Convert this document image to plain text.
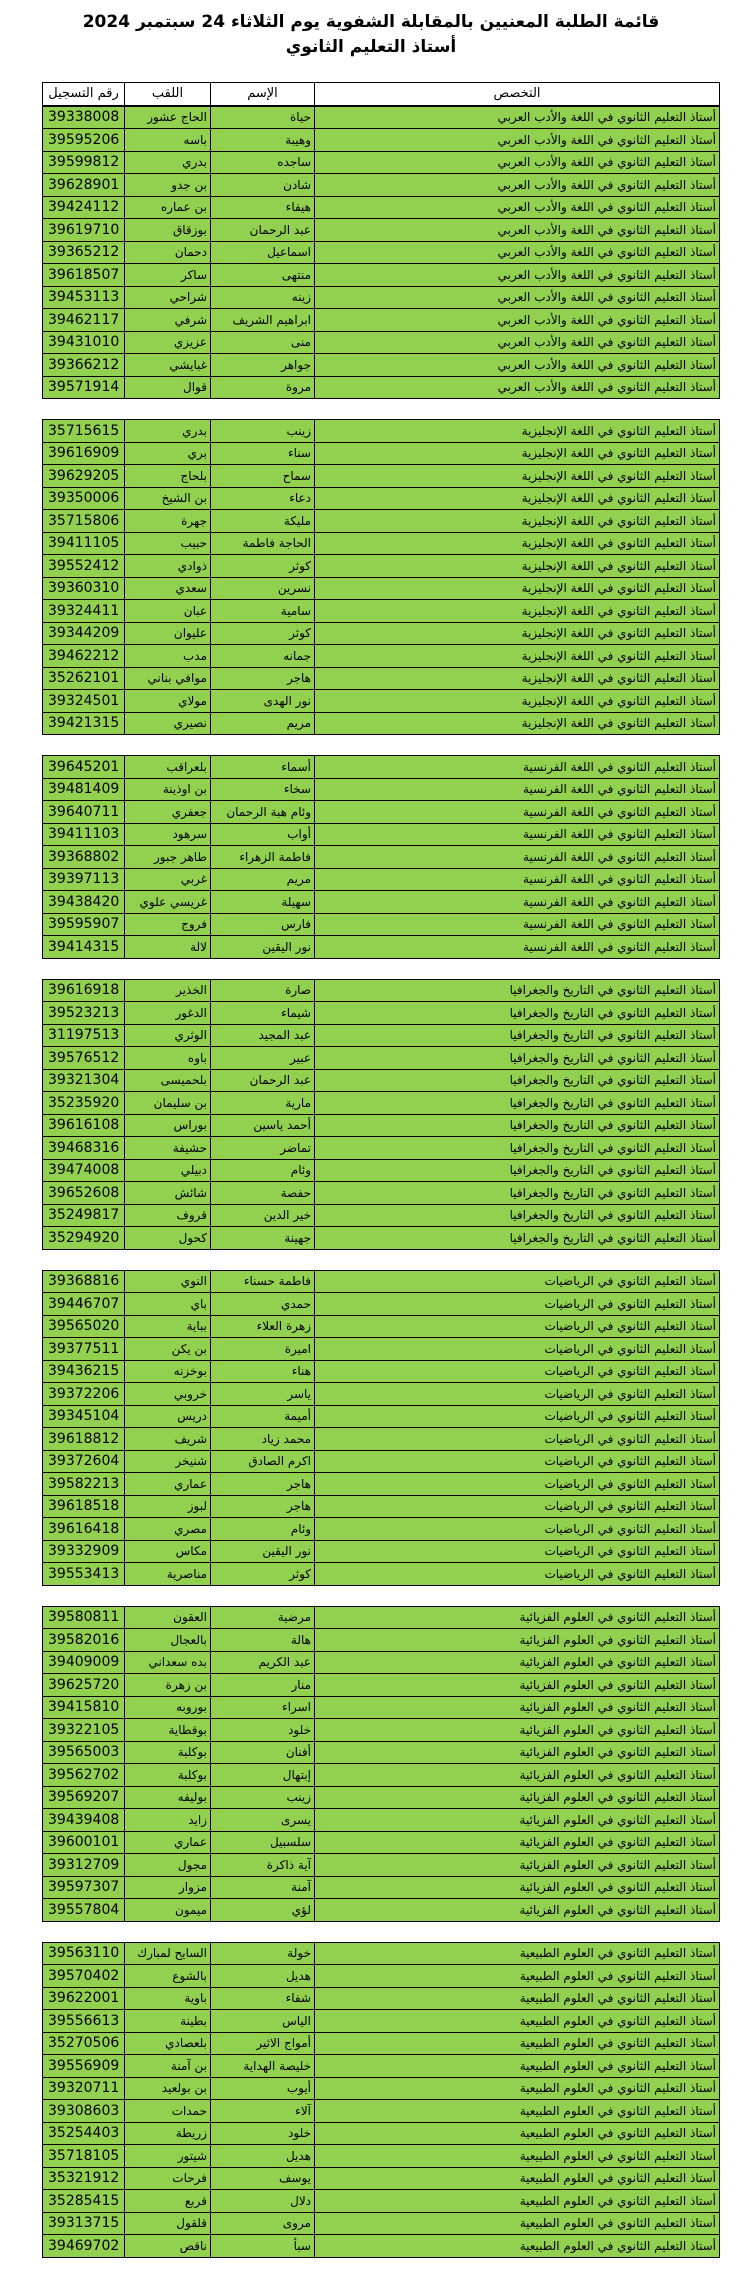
قائمة الطلبة المعنيين بالمقابلة الشفوية يوم الثلاثاء 24 سبتمبر 2024
أستاذ التعليم الثانوي
التخصص	الإسم	اللقب	رقم التسجيل
أستاذ التعليم الثانوي في اللغة والأدب العربي	حياة	الحاج عشور	39338008
أستاذ التعليم الثانوي في اللغة والأدب العربي	وهيبة	باسه	39595206
أستاذ التعليم الثانوي في اللغة والأدب العربي	ساجده	بدري	39599812
أستاذ التعليم الثانوي في اللغة والأدب العربي	شادن	بن جدو	39628901
أستاذ التعليم الثانوي في اللغة والأدب العربي	هيفاء	بن عماره	39424112
أستاذ التعليم الثانوي في اللغة والأدب العربي	عبد الرحمان	بوزقاق	39619710
أستاذ التعليم الثانوي في اللغة والأدب العربي	اسماعيل	دحمان	39365212
أستاذ التعليم الثانوي في اللغة والأدب العربي	منتهى	ساكر	39618507
أستاذ التعليم الثانوي في اللغة والأدب العربي	زينه	شراحي	39453113
أستاذ التعليم الثانوي في اللغة والأدب العربي	ابراهيم الشريف	شرفي	39462117
أستاذ التعليم الثانوي في اللغة والأدب العربي	منى	عزيزي	39431010
أستاذ التعليم الثانوي في اللغة والأدب العربي	جواهر	غبايشي	39366212
أستاذ التعليم الثانوي في اللغة والأدب العربي	مروة	قوال	39571914
أستاذ التعليم الثانوي في اللغة الإنجليزية	زينب	بدري	35715615
أستاذ التعليم الثانوي في اللغة الإنجليزية	سناء	بري	39616909
أستاذ التعليم الثانوي في اللغة الإنجليزية	سماح	بلحاج	39629205
أستاذ التعليم الثانوي في اللغة الإنجليزية	دعاء	بن الشيخ	39350006
أستاذ التعليم الثانوي في اللغة الإنجليزية	مليكة	جهرة	35715806
أستاذ التعليم الثانوي في اللغة الإنجليزية	الحاجة فاطمة	حبيب	39411105
أستاذ التعليم الثانوي في اللغة الإنجليزية	كوثر	ذوادي	39552412
أستاذ التعليم الثانوي في اللغة الإنجليزية	نسرين	سعدي	39360310
أستاذ التعليم الثانوي في اللغة الإنجليزية	سامية	عبان	39324411
أستاذ التعليم الثانوي في اللغة الإنجليزية	كوثر	عليوان	39344209
أستاذ التعليم الثانوي في اللغة الإنجليزية	جمانه	مدب	39462212
أستاذ التعليم الثانوي في اللغة الإنجليزية	هاجر	موافي بناني	35262101
أستاذ التعليم الثانوي في اللغة الإنجليزية	نور الهدى	مولاي	39324501
أستاذ التعليم الثانوي في اللغة الإنجليزية	مريم	نصيري	39421315
أستاذ التعليم الثانوي في اللغة الفرنسية	أسماء	بلعراقب	39645201
أستاذ التعليم الثانوي في اللغة الفرنسية	سخاء	بن اوذينة	39481409
أستاذ التعليم الثانوي في اللغة الفرنسية	وئام هبة الرحمان	جعفري	39640711
أستاذ التعليم الثانوي في اللغة الفرنسية	أواب	سرهود	39411103
أستاذ التعليم الثانوي في اللغة الفرنسية	فاطمة الزهراء	طاهر جبور	39368802
أستاذ التعليم الثانوي في اللغة الفرنسية	مريم	غربي	39397113
أستاذ التعليم الثانوي في اللغة الفرنسية	سهيلة	غريسي علوي	39438420
أستاذ التعليم الثانوي في اللغة الفرنسية	فارس	فروج	39595907
أستاذ التعليم الثانوي في اللغة الفرنسية	نور اليقين	لالة	39414315
أستاذ التعليم الثانوي في التاريخ والجغرافيا	صارة	الخذير	39616918
أستاذ التعليم الثانوي في التاريخ والجغرافيا	شيماء	الدغور	39523213
أستاذ التعليم الثانوي في التاريخ والجغرافيا	عبد المجيد	الوثري	31197513
أستاذ التعليم الثانوي في التاريخ والجغرافيا	عبير	باوه	39576512
أستاذ التعليم الثانوي في التاريخ والجغرافيا	عبد الرحمان	بلحميسى	39321304
أستاذ التعليم الثانوي في التاريخ والجغرافيا	مارية	بن سليمان	35235920
أستاذ التعليم الثانوي في التاريخ والجغرافيا	أحمد ياسين	بوراس	39616108
أستاذ التعليم الثانوي في التاريخ والجغرافيا	تماضر	حشيفة	39468316
أستاذ التعليم الثانوي في التاريخ والجغرافيا	وئام	دبيلي	39474008
أستاذ التعليم الثانوي في التاريخ والجغرافيا	حفصة	شائش	39652608
أستاذ التعليم الثانوي في التاريخ والجغرافيا	خير الدين	قروف	35249817
أستاذ التعليم الثانوي في التاريخ والجغرافيا	جهينة	كحول	35294920
أستاذ التعليم الثانوي في الرياضيات	فاطمة حسناء	النوي	39368816
أستاذ التعليم الثانوي في الرياضيات	حمدي	باي	39446707
أستاذ التعليم الثانوي في الرياضيات	زهرة العلاء	بباية	39565020
أستاذ التعليم الثانوي في الرياضيات	اميرة	بن يكن	39377511
أستاذ التعليم الثانوي في الرياضيات	هناء	بوخزنه	39436215
أستاذ التعليم الثانوي في الرياضيات	ياسر	خروبي	39372206
أستاذ التعليم الثانوي في الرياضيات	أميمة	دريس	39345104
أستاذ التعليم الثانوي في الرياضيات	محمد زياد	شريف	39618812
أستاذ التعليم الثانوي في الرياضيات	اكرم الصادق	شنيخر	39372604
أستاذ التعليم الثانوي في الرياضيات	هاجر	عماري	39582213
أستاذ التعليم الثانوي في الرياضيات	هاجر	لبوز	39618518
أستاذ التعليم الثانوي في الرياضيات	وئام	مصري	39616418
أستاذ التعليم الثانوي في الرياضيات	نور اليقين	مكاس	39332909
أستاذ التعليم الثانوي في الرياضيات	كوثر	مناصرية	39553413
أستاذ التعليم الثانوي في العلوم الفزيائية	مرضية	العقون	39580811
أستاذ التعليم الثانوي في العلوم الفزيائية	هالة	بالعجال	39582016
أستاذ التعليم الثانوي في العلوم الفزيائية	عبد الكريم	بده سعداني	39409009
أستاذ التعليم الثانوي في العلوم الفزيائية	منار	بن زهرة	39625720
أستاذ التعليم الثانوي في العلوم الفزيائية	اسراء	بوروبه	39415810
أستاذ التعليم الثانوي في العلوم الفزيائية	خلود	بوقطاية	39322105
أستاذ التعليم الثانوي في العلوم الفزيائية	أفنان	بوكلبة	39565003
أستاذ التعليم الثانوي في العلوم الفزيائية	إبتهال	بوكلبة	39562702
أستاذ التعليم الثانوي في العلوم الفزيائية	زينب	بوليفه	39569207
أستاذ التعليم الثانوي في العلوم الفزيائية	يسرى	زايد	39439408
أستاذ التعليم الثانوي في العلوم الفزيائية	سلسبيل	عماري	39600101
أستاذ التعليم الثانوي في العلوم الفزيائية	آية ذاكرة	مجول	39312709
أستاذ التعليم الثانوي في العلوم الفزيائية	آمنة	مزوار	39597307
أستاذ التعليم الثانوي في العلوم الفزيائية	لؤي	ميمون	39557804
أستاذ التعليم الثانوي في العلوم الطبيعية	خولة	السايح لمبارك	39563110
أستاذ التعليم الثانوي في العلوم الطبيعية	هديل	بالشوع	39570402
أستاذ التعليم الثانوي في العلوم الطبيعية	شفاء	باوية	39622001
أستاذ التعليم الثانوي في العلوم الطبيعية	الياس	بطينة	39556613
أستاذ التعليم الثانوي في العلوم الطبيعية	أمواج الاثير	بلعصادي	35270506
أستاذ التعليم الثانوي في العلوم الطبيعية	خليصة الهداية	بن آمنة	39556909
أستاذ التعليم الثانوي في العلوم الطبيعية	أيوب	بن بولعيد	39320711
أستاذ التعليم الثانوي في العلوم الطبيعية	آلاء	حمدات	39308603
أستاذ التعليم الثانوي في العلوم الطبيعية	خلود	زريطة	35254403
أستاذ التعليم الثانوي في العلوم الطبيعية	هديل	شيتور	35718105
أستاذ التعليم الثانوي في العلوم الطبيعية	يوسف	فرحات	35321912
أستاذ التعليم الثانوي في العلوم الطبيعية	دلال	قربع	35285415
أستاذ التعليم الثانوي في العلوم الطبيعية	مروى	قلقول	39313715
أستاذ التعليم الثانوي في العلوم الطبيعية	سبأ	ناقص	39469702
